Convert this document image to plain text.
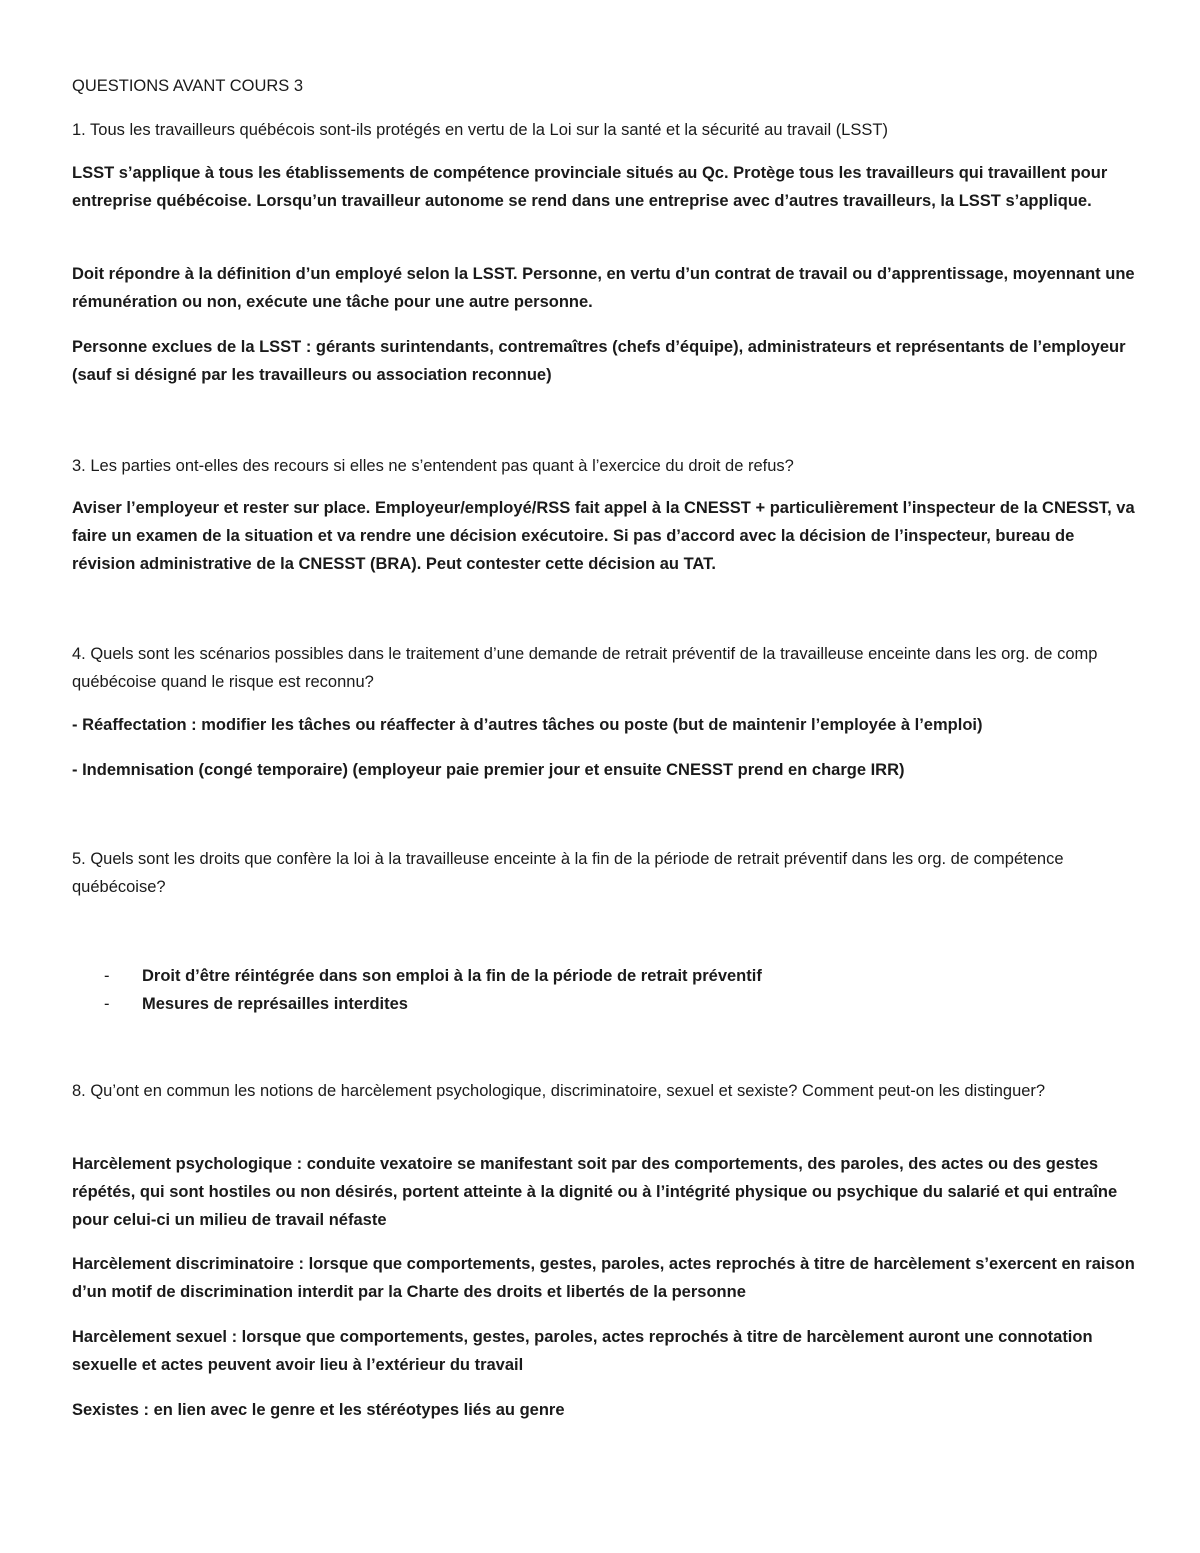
QUESTIONS AVANT COURS 3

1. Tous les travailleurs québécois sont-ils protégés en vertu de la Loi sur la santé et la sécurité au travail (LSST)

LSST s’applique à tous les établissements de compétence provinciale situés au Qc. Protège tous les travailleurs qui travaillent pour entreprise québécoise. Lorsqu’un travailleur autonome se rend dans une entreprise avec d’autres travailleurs, la LSST s’applique.

Doit répondre à la définition d’un employé selon la LSST. Personne, en vertu d’un contrat de travail ou d’apprentissage, moyennant une rémunération ou non, exécute une tâche pour une autre personne.

Personne exclues de la LSST : gérants surintendants, contremaîtres (chefs d’équipe), administrateurs et représentants de l’employeur (sauf si désigné par les travailleurs ou association reconnue)

3. Les parties ont-elles des recours si elles ne s’entendent pas quant à l’exercice du droit de refus?

Aviser l’employeur et rester sur place. Employeur/employé/RSS fait appel à la CNESST + particulièrement l’inspecteur de la CNESST, va faire un examen de la situation et va rendre une décision exécutoire. Si pas d’accord avec la décision de l’inspecteur, bureau de révision administrative de la CNESST (BRA). Peut contester cette décision au TAT.

4. Quels sont les scénarios possibles dans le traitement d’une demande de retrait préventif de la travailleuse enceinte dans les org. de comp québécoise quand le risque est reconnu?

- Réaffectation : modifier les tâches ou réaffecter à d’autres tâches ou poste (but de maintenir l’employée à l’emploi)

- Indemnisation (congé temporaire) (employeur paie premier jour et ensuite CNESST prend en charge IRR)

5. Quels sont les droits que confère la loi à la travailleuse enceinte à la fin de la période de retrait préventif dans les org. de compétence québécoise?

- Droit d’être réintégrée dans son emploi à la fin de la période de retrait préventif
- Mesures de représailles interdites

8. Qu’ont en commun les notions de harcèlement psychologique, discriminatoire, sexuel et sexiste? Comment peut-on les distinguer?

Harcèlement psychologique : conduite vexatoire se manifestant soit par des comportements, des paroles, des actes ou des gestes répétés, qui sont hostiles ou non désirés, portent atteinte à la dignité ou à l’intégrité physique ou psychique du salarié et qui entraîne pour celui-ci un milieu de travail néfaste

Harcèlement discriminatoire : lorsque que comportements, gestes, paroles, actes reprochés à titre de harcèlement s’exercent en raison d’un motif de discrimination interdit par la Charte des droits et libertés de la personne

Harcèlement sexuel : lorsque que comportements, gestes, paroles, actes reprochés à titre de harcèlement auront une connotation sexuelle et actes peuvent avoir lieu à l’extérieur du travail

Sexistes : en lien avec le genre et les stéréotypes liés au genre
